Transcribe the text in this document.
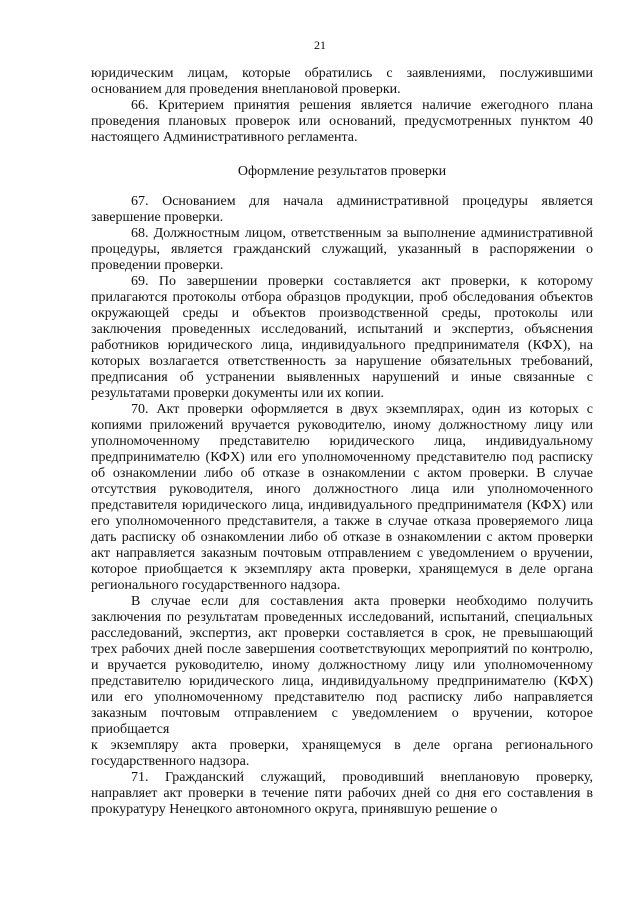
21

юридическим лицам, которые обратились с заявлениями, послужившими основанием для проведения внеплановой проверки.

66. Критерием принятия решения является наличие ежегодного плана проведения плановых проверок или оснований, предусмотренных пунктом 40 настоящего Административного регламента.

Оформление результатов проверки

67. Основанием для начала административной процедуры является завершение проверки.

68. Должностным лицом, ответственным за выполнение административной процедуры, является гражданский служащий, указанный в распоряжении о проведении проверки.

69. По завершении проверки составляется акт проверки, к которому прилагаются протоколы отбора образцов продукции, проб обследования объектов окружающей среды и объектов производственной среды, протоколы или заключения проведенных исследований, испытаний и экспертиз, объяснения работников юридического лица, индивидуального предпринимателя (КФХ), на которых возлагается ответственность за нарушение обязательных требований, предписания об устранении выявленных нарушений и иные связанные с результатами проверки документы или их копии.

70. Акт проверки оформляется в двух экземплярах, один из которых с копиями приложений вручается руководителю, иному должностному лицу или уполномоченному представителю юридического лица, индивидуальному предпринимателю (КФХ) или его уполномоченному представителю под расписку об ознакомлении либо об отказе в ознакомлении с актом проверки. В случае отсутствия руководителя, иного должностного лица или уполномоченного представителя юридического лица, индивидуального предпринимателя (КФХ) или его уполномоченного представителя, а также в случае отказа проверяемого лица дать расписку об ознакомлении либо об отказе в ознакомлении с актом проверки акт направляется заказным почтовым отправлением с уведомлением о вручении, которое приобщается к экземпляру акта проверки, хранящемуся в деле органа регионального государственного надзора.

В случае если для составления акта проверки необходимо получить заключения по результатам проведенных исследований, испытаний, специальных расследований, экспертиз, акт проверки составляется в срок, не превышающий трех рабочих дней после завершения соответствующих мероприятий по контролю, и вручается руководителю, иному должностному лицу или уполномоченному представителю юридического лица, индивидуальному предпринимателю (КФХ) или его уполномоченному представителю под расписку либо направляется заказным почтовым отправлением с уведомлением о вручении, которое приобщается

к экземпляру акта проверки, хранящемуся в деле органа регионального государственного надзора.

71. Гражданский служащий, проводивший внеплановую проверку, направляет акт проверки в течение пяти рабочих дней со дня его составления в прокуратуру Ненецкого автономного округа, принявшую решение о
